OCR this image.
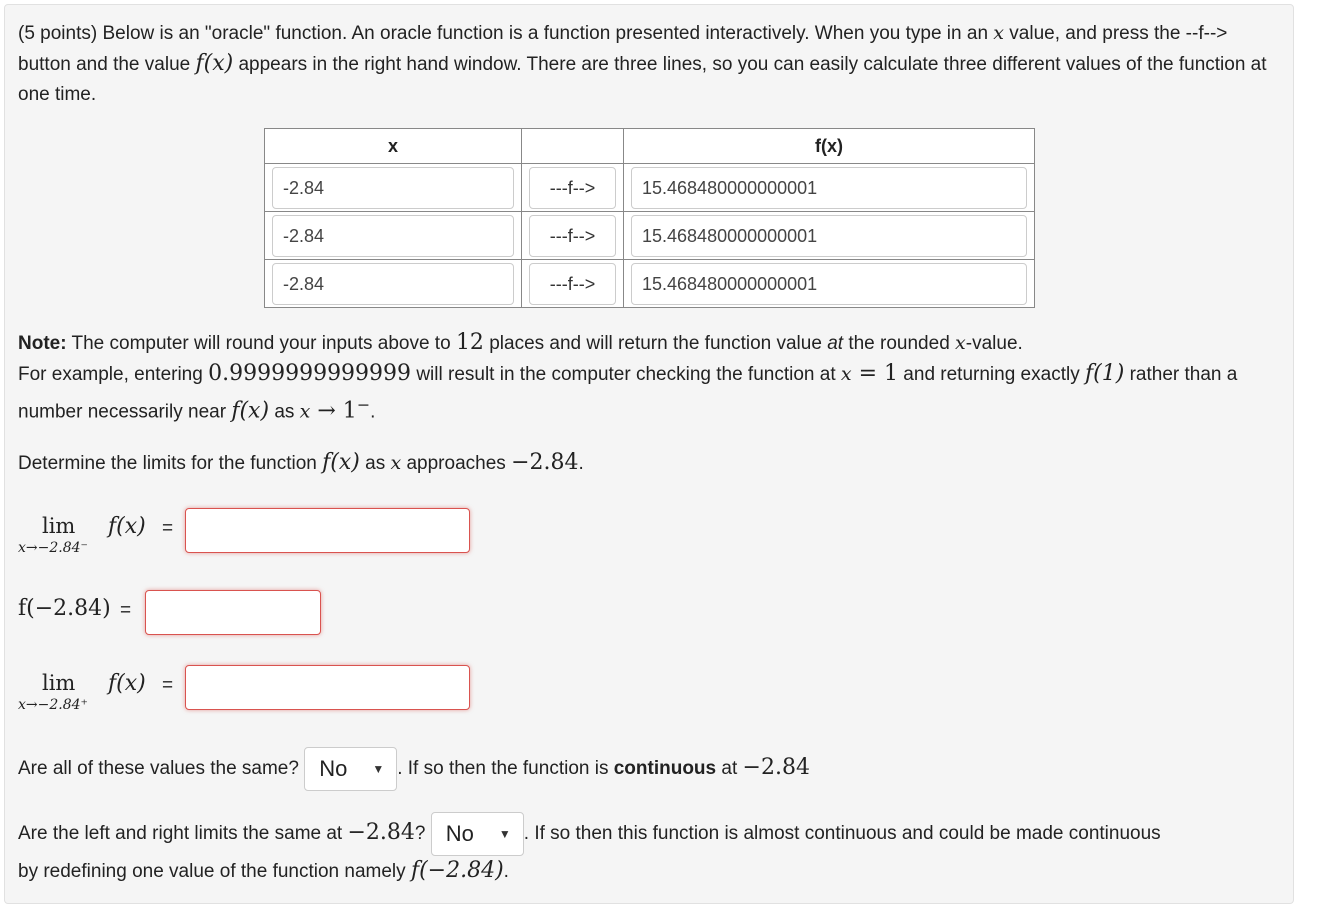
(5 points) Below is an "oracle" function. An oracle function is a function presented interactively. When you type in an x value, and press the --f--> button and the value f(x) appears in the right hand window. There are three lines, so you can easily calculate three different values of the function at one time.

x		f(x)

-2.84	---f-->	15.468480000000001

-2.84	---f-->	15.468480000000001

-2.84	---f-->	15.468480000000001

Note: The computer will round your inputs above to 12 places and will return the function value at the rounded x-value.
For example, entering 0.9999999999999 will result in the computer checking the function at x = 1 and returning exactly f(1) rather than a number necessarily near f(x) as x → 1−.

Determine the limits for the function f(x) as x approaches −2.84.

lim
x→−2.84⁻
f(x) =
f(−2.84) =
lim
x→−2.84⁺
f(x) =
Are all of these values the same? No ▼ . If so then the function is continuous at −2.84
Are the left and right limits the same at −2.84? No ▼ . If so then this function is almost continuous and could be made continuous

by redefining one value of the function namely f(−2.84).
